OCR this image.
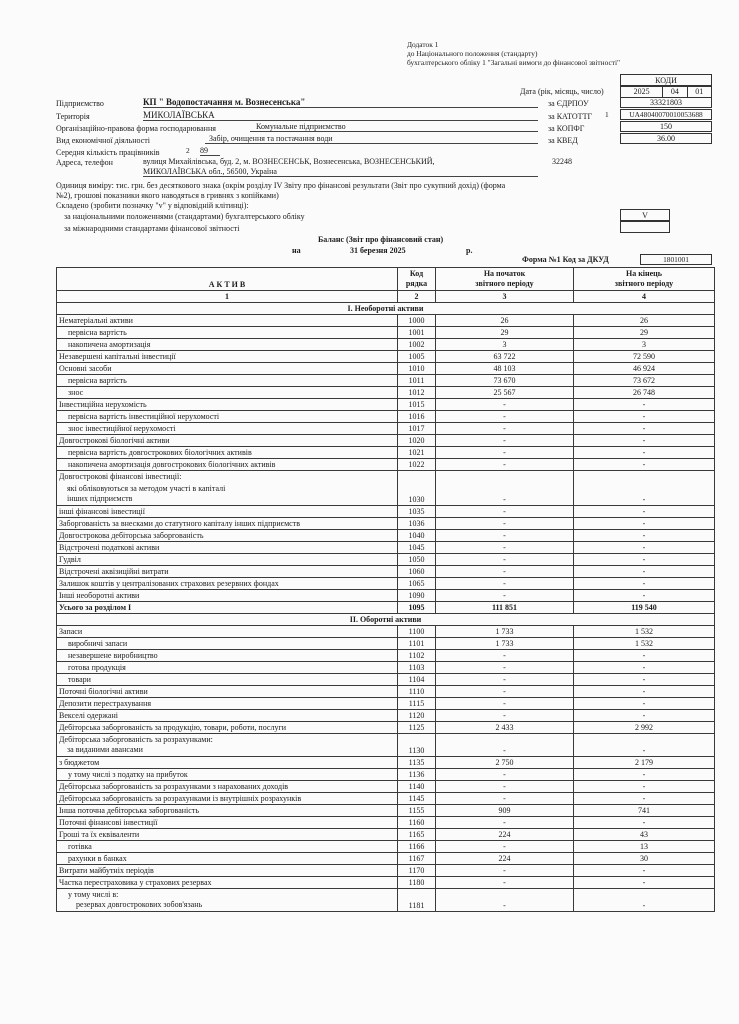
Додаток 1
до Національного положення (стандарту)
бухгалтерського обліку 1 "Загальні вимоги до фінансової звітності"
КОДИ
Дата (рік, місяць, число)	2025	04	01
Підприємство	КП " Водопостачання м. Вознесенська"	за ЄДРПОУ	33321803
Територія	МИКОЛАЇВСЬКА	за КАТОТТГ 1	UA48040070010053688
Організаційно-правова форма господарювання	Комунальне підприємство	за КОПФГ	150
Вид економічної діяльності	Забір, очищення та постачання води	за КВЕД	36.00
Середня кількість працівників	2 89
Адреса, телефон	вулиця Михайлівська, буд. 2, м. ВОЗНЕСЕНСЬК, Вознесенська, ВОЗНЕСЕНСЬКИЙ,
МИКОЛАЇВСЬКА обл., 56500, Україна
32248
Одиниця виміру: тис. грн. без десяткового знака (окрім розділу IV Звіту про фінансові результати (Звіт про сукупний дохід) (форма
№2), грошові показники якого наводяться в гривнях з копійками)
Складено (зробити позначку "v" у відповідній клітинці):
за національними положеннями (стандартами) бухгалтерського обліку	V
за міжнародними стандартами фінансової звітності
Баланс (Звіт про фінансовий стан)
на	31 березня 2025	р.
Форма №1 Код за ДКУД	1801001
А К Т И В	Код
рядка	На початок
звітного періоду	На кінець
звітного періоду
1	2	3	4
I. Необоротні активи			
Нематеріальні активи	1000	26	26
первісна вартість	1001	29	29
накопичена амортизація	1002	3	3
Незавершені капітальні інвестиції	1005	63 722	72 590
Основні засоби	1010	48 103	46 924
первісна вартість	1011	73 670	73 672
знос	1012	25 567	26 748
Інвестиційна нерухомість	1015	-	-
первісна вартість інвестиційної нерухомості	1016	-	-
знос інвестиційної нерухомості	1017	-	-
Довгострокові біологічні активи	1020	-	-
первісна вартість довгострокових біологічних активів	1021	-	-
накопичена амортизація довгострокових біологічних активів	1022	-	-

Довгострокові фінансові інвестиції:
які обліковуються за методом участі в капіталі
інших підприємств	1030	-	-
інші фінансові інвестиції	1035	-	-
Заборгованість за внесками до статутного капіталу інших підприємств	1036	-	-
Довгострокова дебіторська заборгованість	1040	-	-
Відстрочені податкові активи	1045	-	-
Гудвіл	1050	-	-
Відстрочені аквізиційні витрати	1060	-	-
Залишок коштів у централізованих страхових резервних фондах	1065	-	-
Інші необоротні активи	1090	-	-
Усього за розділом I	1095	111 851	119 540
II. Оборотні активи			
Запаси	1100	1 733	1 532
виробничі запаси	1101	1 733	1 532
незавершене виробництво	1102	-	-
готова продукція	1103	-	-
товари	1104	-	-
Поточні біологічні активи	1110	-	-
Депозити перестрахування	1115	-	-
Векселі одержані	1120	-	-
Дебіторська заборгованість за продукцію, товари, роботи, послуги	1125	2 433	2 992

Дебіторська заборгованість за розрахунками:
за виданими авансами	1130	-	-
з бюджетом	1135	2 750	2 179
у тому числі з податку на прибуток	1136	-	-
Дебіторська заборгованість за розрахунками з нарахованих доходів	1140	-	-
Дебіторська заборгованість за розрахунками із внутрішніх розрахунків	1145	-	-
Інша поточна дебіторська заборгованість	1155	909	741
Поточні фінансові інвестиції	1160	-	-
Гроші та їх еквіваленти	1165	224	43
готівка	1166	-	13
рахунки в банках	1167	224	30
Витрати майбутніх періодів	1170	-	-
Частка перестраховика у страхових резервах	1180	-	-

у тому числі в:
резервах довгострокових зобов'язань	1181	-	-
